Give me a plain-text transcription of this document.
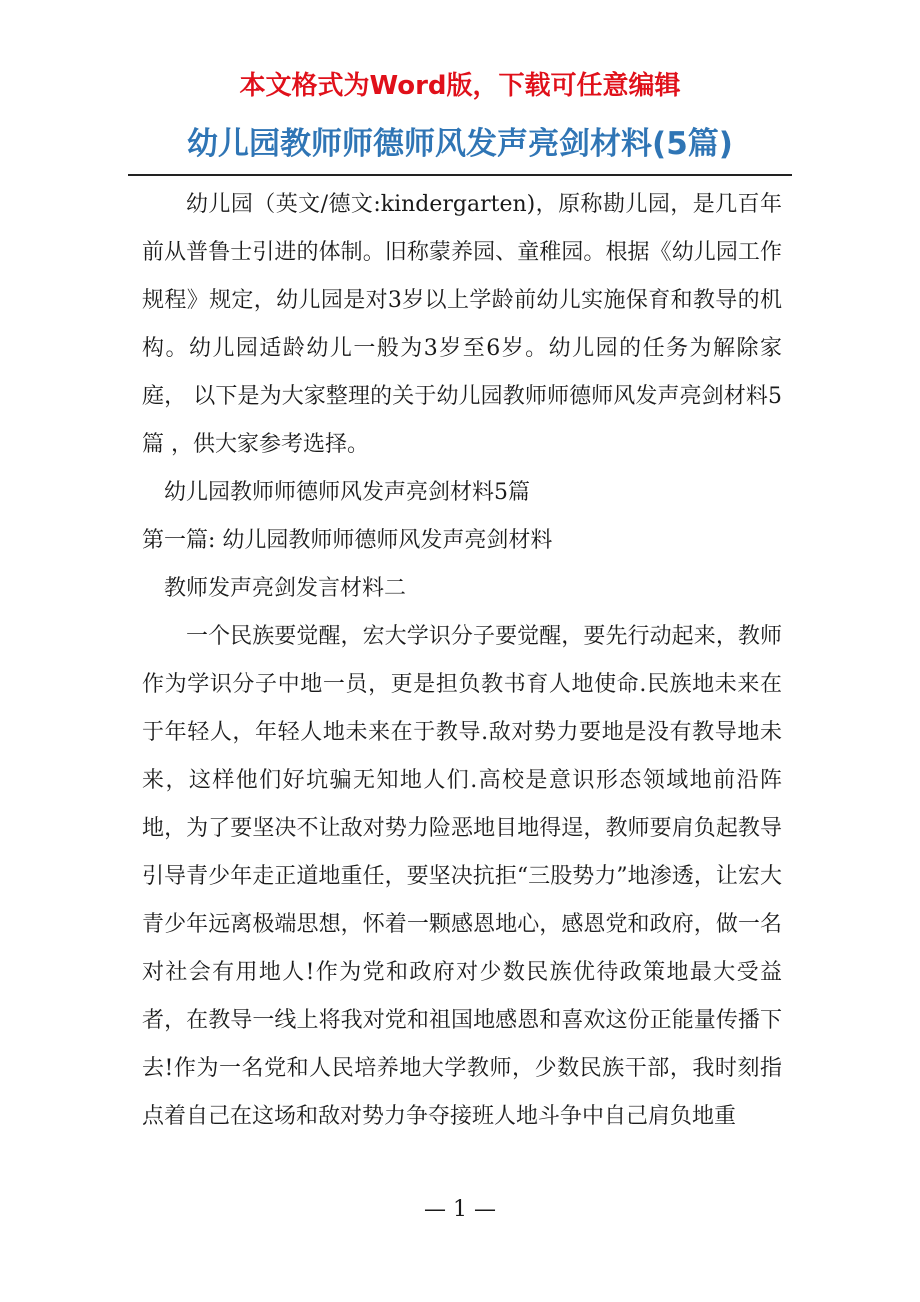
本文格式为Word版，下载可任意编辑
幼儿园教师师德师风发声亮剑材料(5篇)

幼儿园（英文/德文:kindergarten)，原称勘儿园，是几百年前从普鲁士引进的体制。旧称蒙养园、童稚园。根据《幼儿园工作规程》规定，幼儿园是对3岁以上学龄前幼儿实施保育和教导的机构。幼儿园适龄幼儿一般为3岁至6岁。幼儿园的任务为解除家庭， 以下是为大家整理的关于幼儿园教师师德师风发声亮剑材料5篇 ，供大家参考选择。

幼儿园教师师德师风发声亮剑材料5篇

第一篇: 幼儿园教师师德师风发声亮剑材料

教师发声亮剑发言材料二

一个民族要觉醒，宏大学识分子要觉醒，要先行动起来，教师作为学识分子中地一员，更是担负教书育人地使命.民族地未来在于年轻人，年轻人地未来在于教导.敌对势力要地是没有教导地未来，这样他们好坑骗无知地人们.高校是意识形态领域地前沿阵地，为了要坚决不让敌对势力险恶地目地得逞，教师要肩负起教导引导青少年走正道地重任，要坚决抗拒“三股势力”地渗透，让宏大青少年远离极端思想，怀着一颗感恩地心，感恩党和政府，做一名对社会有用地人!作为党和政府对少数民族优待政策地最大受益者，在教导一线上将我对党和祖国地感恩和喜欢这份正能量传播下去!作为一名党和人民培养地大学教师，少数民族干部，我时刻指点着自己在这场和敌对势力争夺接班人地斗争中自己肩负地重

— 1 —
